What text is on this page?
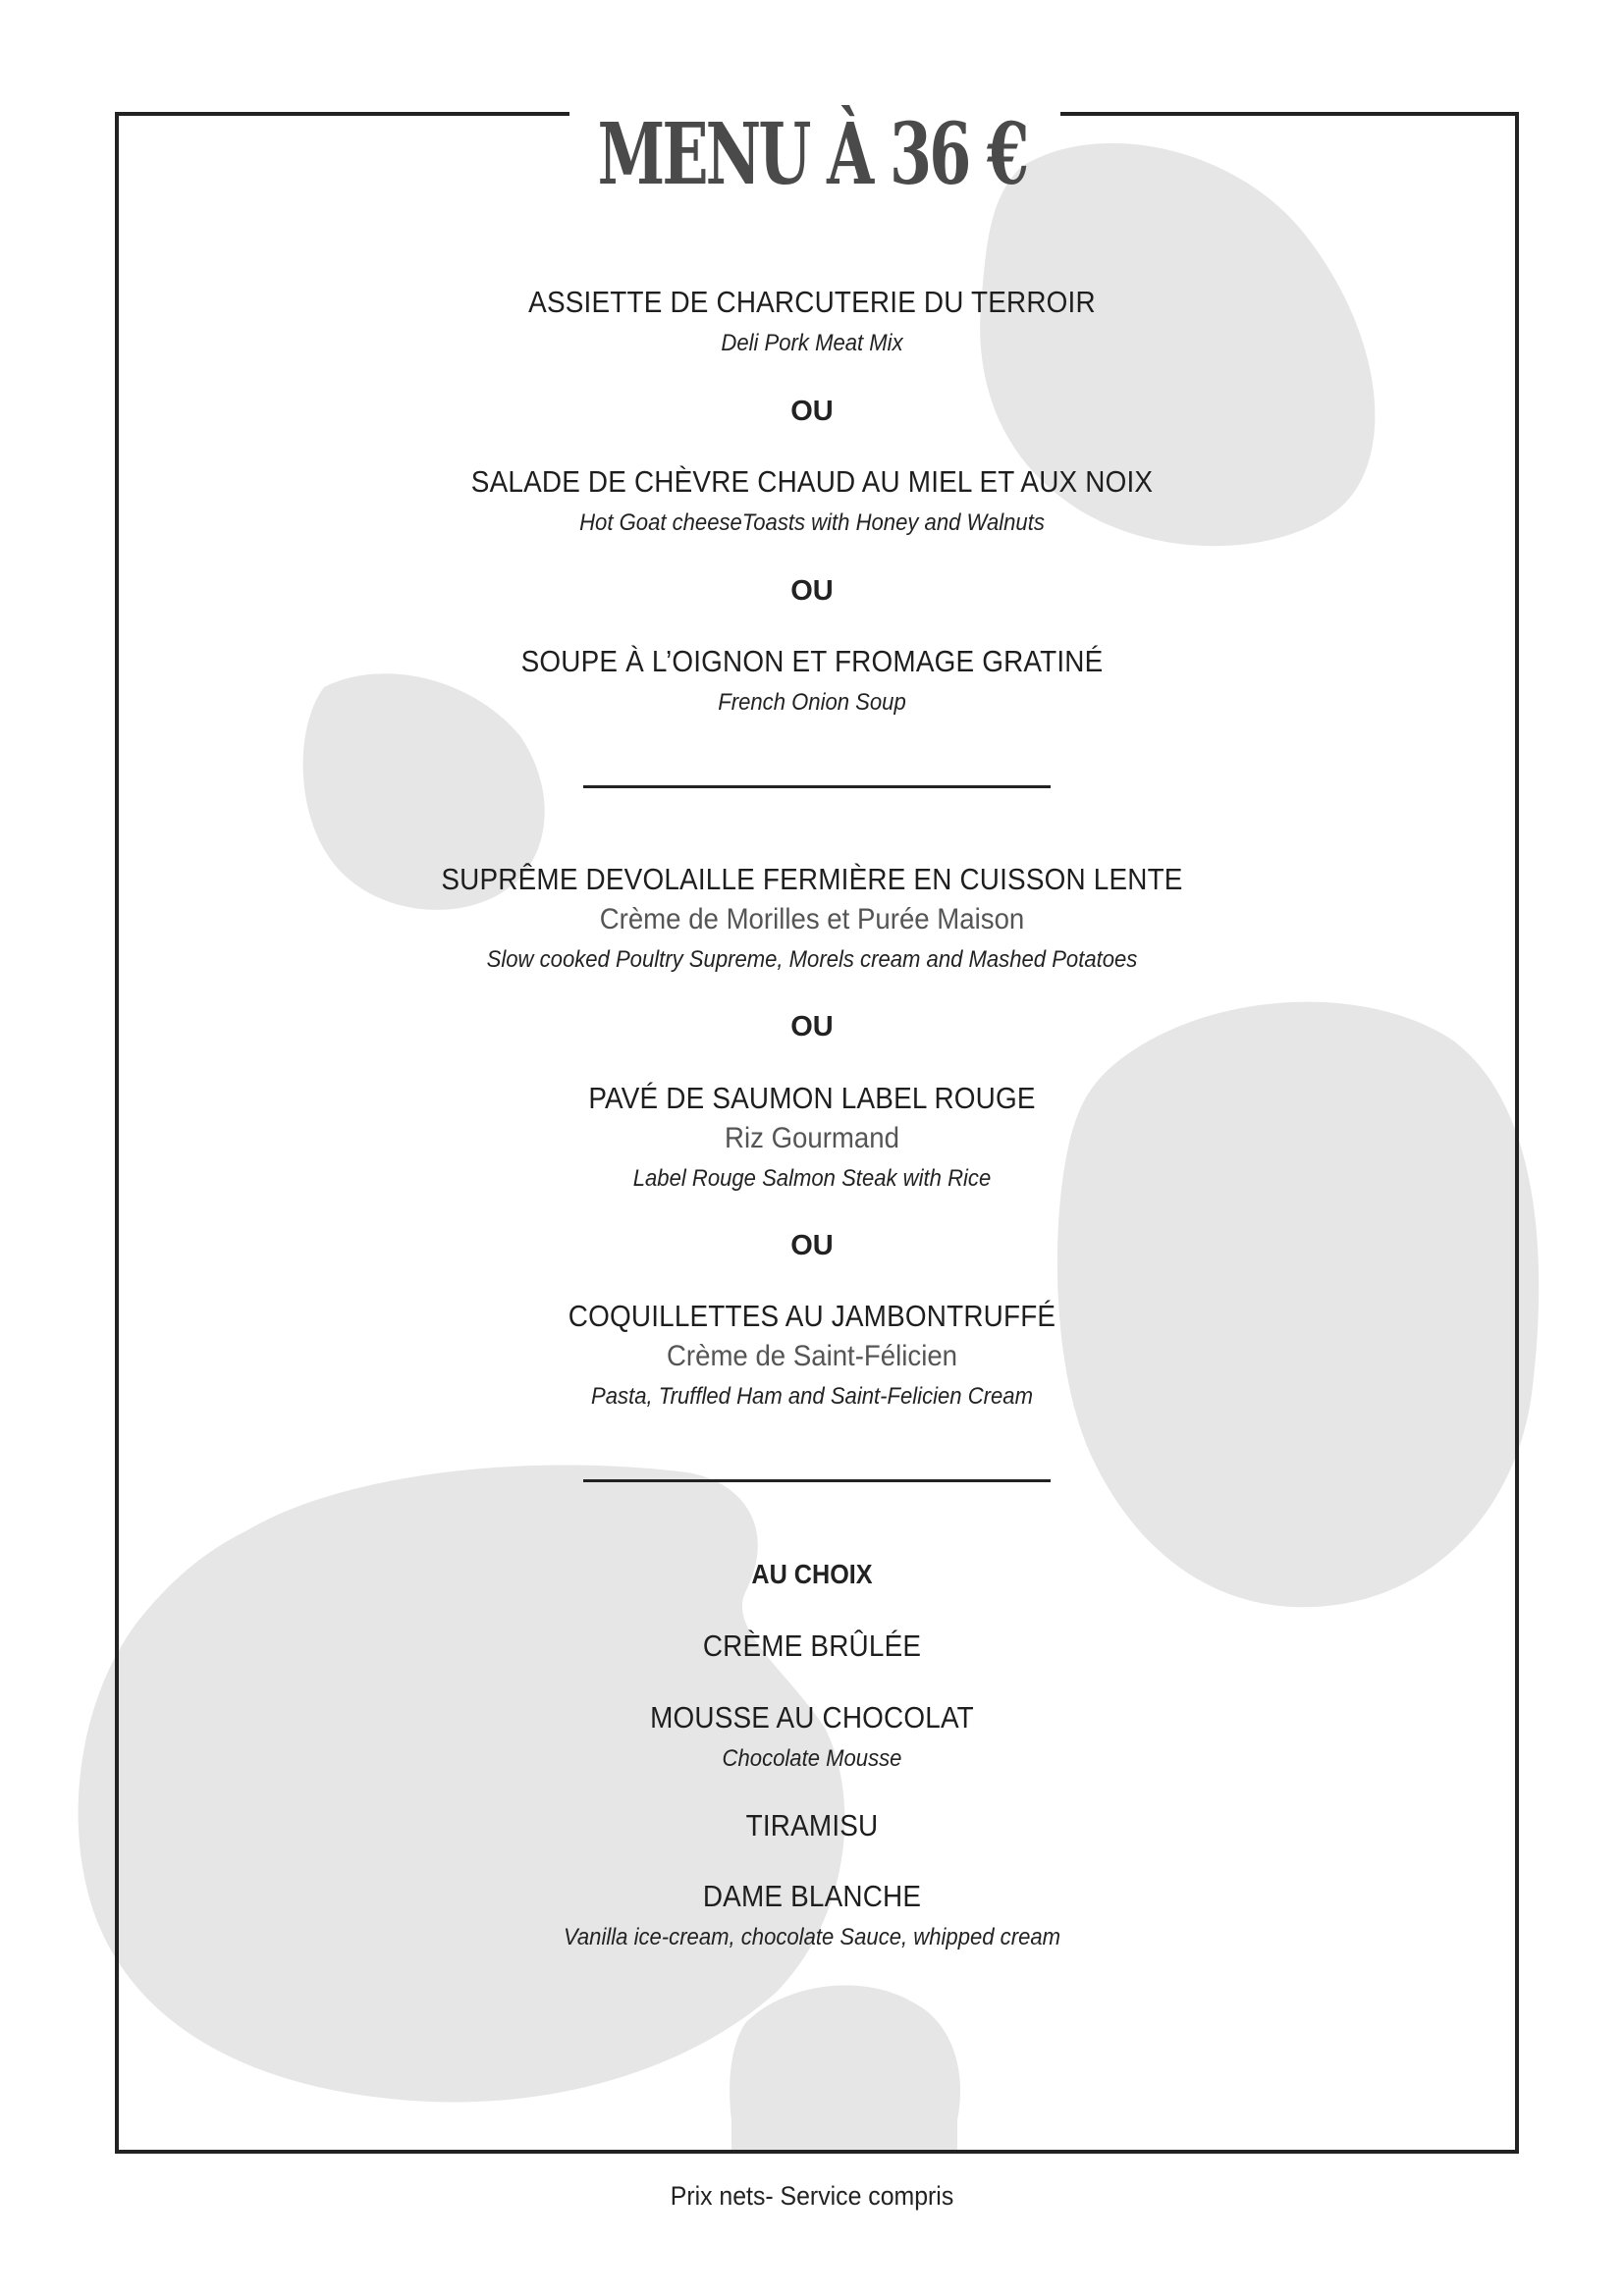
MENU À 36 €
ASSIETTE DE CHARCUTERIE DU TERROIR
Deli Pork Meat Mix
OU
SALADE DE CHÈVRE CHAUD AU MIEL ET AUX NOIX
Hot Goat cheeseToasts with Honey and Walnuts
OU
SOUPE À L’OIGNON ET FROMAGE GRATINÉ
French Onion Soup
SUPRÊME DEVOLAILLE FERMIÈRE EN CUISSON LENTE
Crème de Morilles et Purée Maison
Slow cooked Poultry Supreme, Morels cream and Mashed Potatoes
OU
PAVÉ DE SAUMON LABEL ROUGE
Riz Gourmand
Label Rouge Salmon Steak with Rice
OU
COQUILLETTES AU JAMBONTRUFFÉ
Crème de Saint-Félicien
Pasta, Truffled Ham and Saint-Felicien Cream
AU CHOIX
CRÈME BRÛLÉE
MOUSSE AU CHOCOLAT
Chocolate Mousse
TIRAMISU
DAME BLANCHE
Vanilla ice-cream, chocolate Sauce, whipped cream
Prix nets- Service compris
